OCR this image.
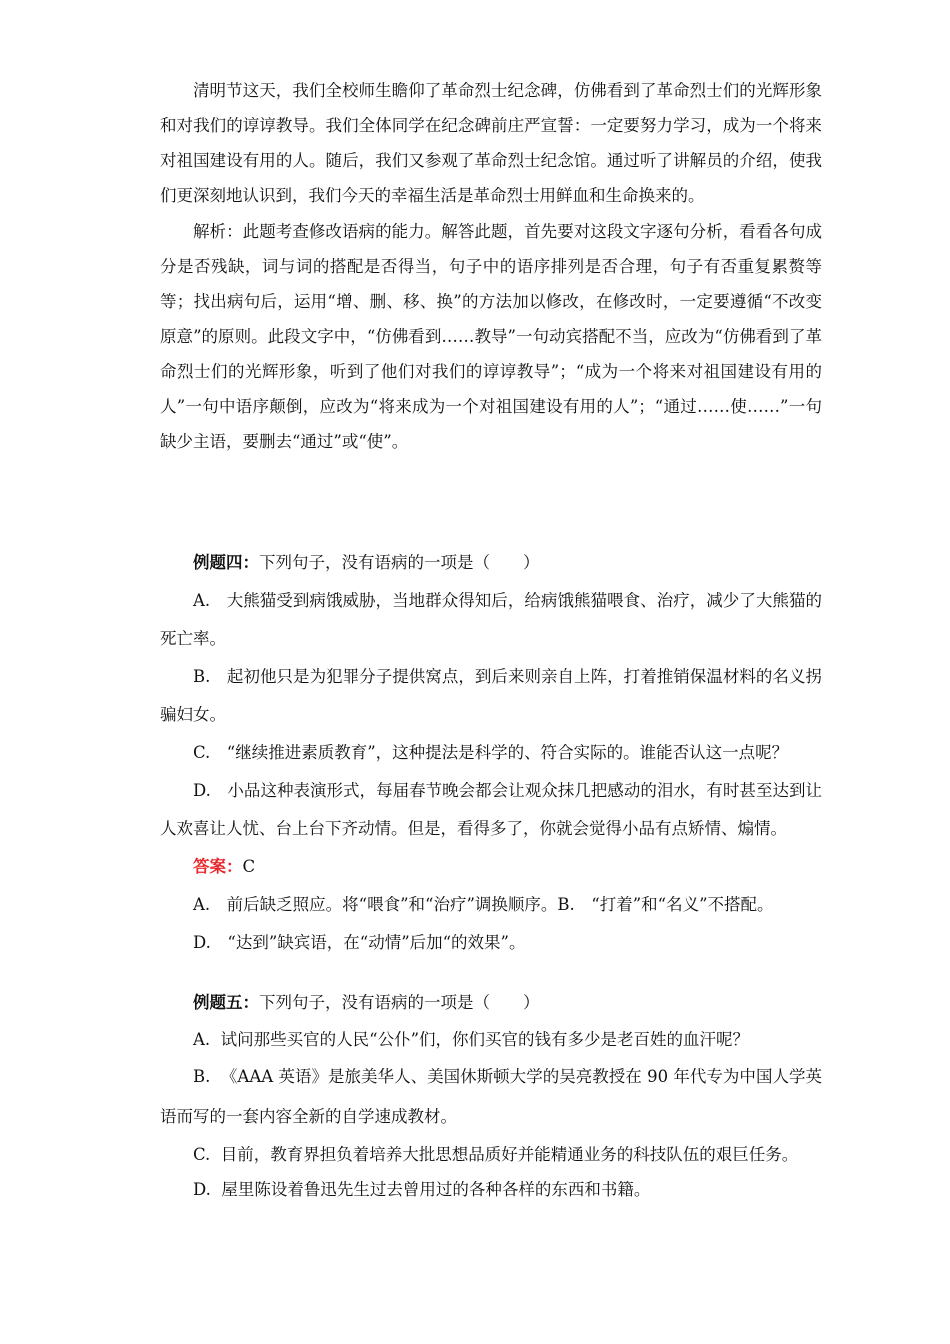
清明节这天，我们全校师生瞻仰了革命烈士纪念碑，仿佛看到了革命烈士们的光辉形象和对我们的谆谆教导。我们全体同学在纪念碑前庄严宣誓：一定要努力学习，成为一个将来对祖国建设有用的人。随后，我们又参观了革命烈士纪念馆。通过听了讲解员的介绍，使我们更深刻地认识到，我们今天的幸福生活是革命烈士用鲜血和生命换来的。

解析：此题考查修改语病的能力。解答此题，首先要对这段文字逐句分析，看看各句成分是否残缺，词与词的搭配是否得当，句子中的语序排列是否合理，句子有否重复累赘等等；找出病句后，运用“增、删、移、换”的方法加以修改，在修改时，一定要遵循“不改变原意”的原则。此段文字中，“仿佛看到……教导”一句动宾搭配不当，应改为“仿佛看到了革命烈士们的光辉形象，听到了他们对我们的谆谆教导”；“成为一个将来对祖国建设有用的人”一句中语序颠倒，应改为“将来成为一个对祖国建设有用的人”；“通过……使……”一句缺少主语，要删去“通过”或“使”。

例题四：下列句子，没有语病的一项是（　　）

A.　大熊猫受到病饿威胁，当地群众得知后，给病饿熊猫喂食、治疗，减少了大熊猫的死亡率。

B.　起初他只是为犯罪分子提供窝点，到后来则亲自上阵，打着推销保温材料的名义拐骗妇女。

C.　“继续推进素质教育”，这种提法是科学的、符合实际的。谁能否认这一点呢？

D.　小品这种表演形式，每届春节晚会都会让观众抹几把感动的泪水，有时甚至达到让人欢喜让人忧、台上台下齐动情。但是，看得多了，你就会觉得小品有点矫情、煽情。

答案：C

A.　前后缺乏照应。将“喂食”和“治疗”调换顺序。B.　“打着”和“名义”不搭配。

D.　“达到”缺宾语，在“动情”后加“的效果”。

例题五：下列句子，没有语病的一项是（　　）

A.  试问那些买官的人民“公仆”们，你们买官的钱有多少是老百姓的血汗呢？

B.  《AAA 英语》是旅美华人、美国休斯顿大学的吴亮教授在 90 年代专为中国人学英语而写的一套内容全新的自学速成教材。

C.  目前，教育界担负着培养大批思想品质好并能精通业务的科技队伍的艰巨任务。

D.  屋里陈设着鲁迅先生过去曾用过的各种各样的东西和书籍。
